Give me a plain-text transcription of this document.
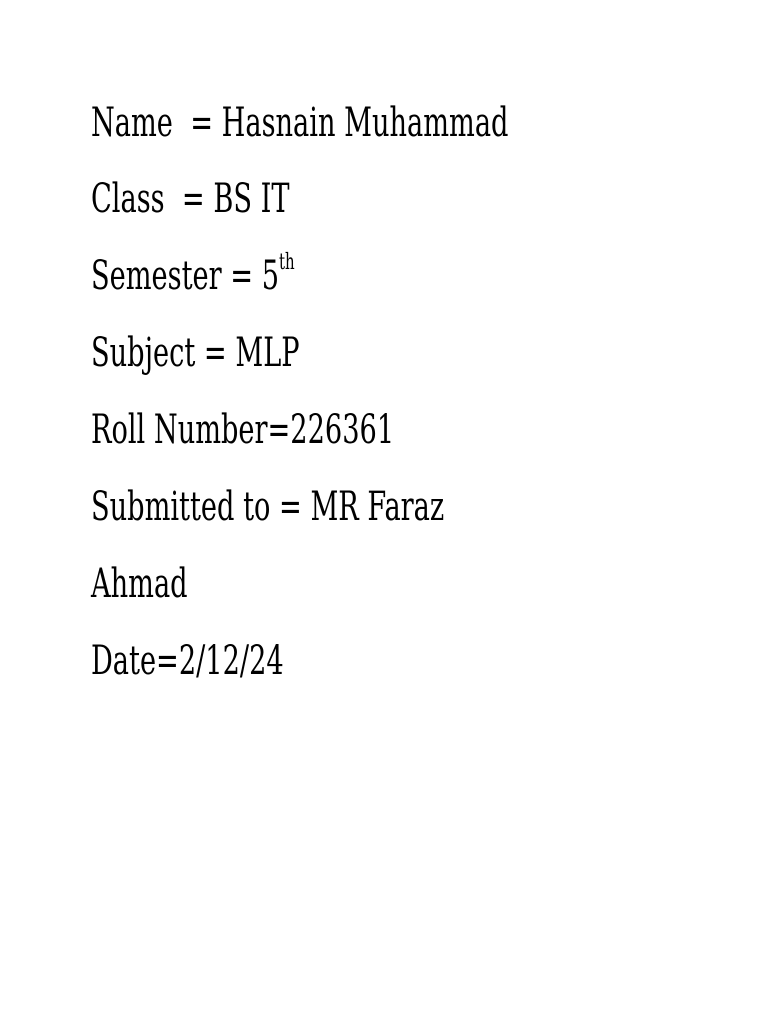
Name  = Hasnain Muhammad

Class  = BS IT

Semester = 5th

Subject = MLP

Roll Number=226361

Submitted to = MR Faraz

Ahmad

Date=2/12/24
